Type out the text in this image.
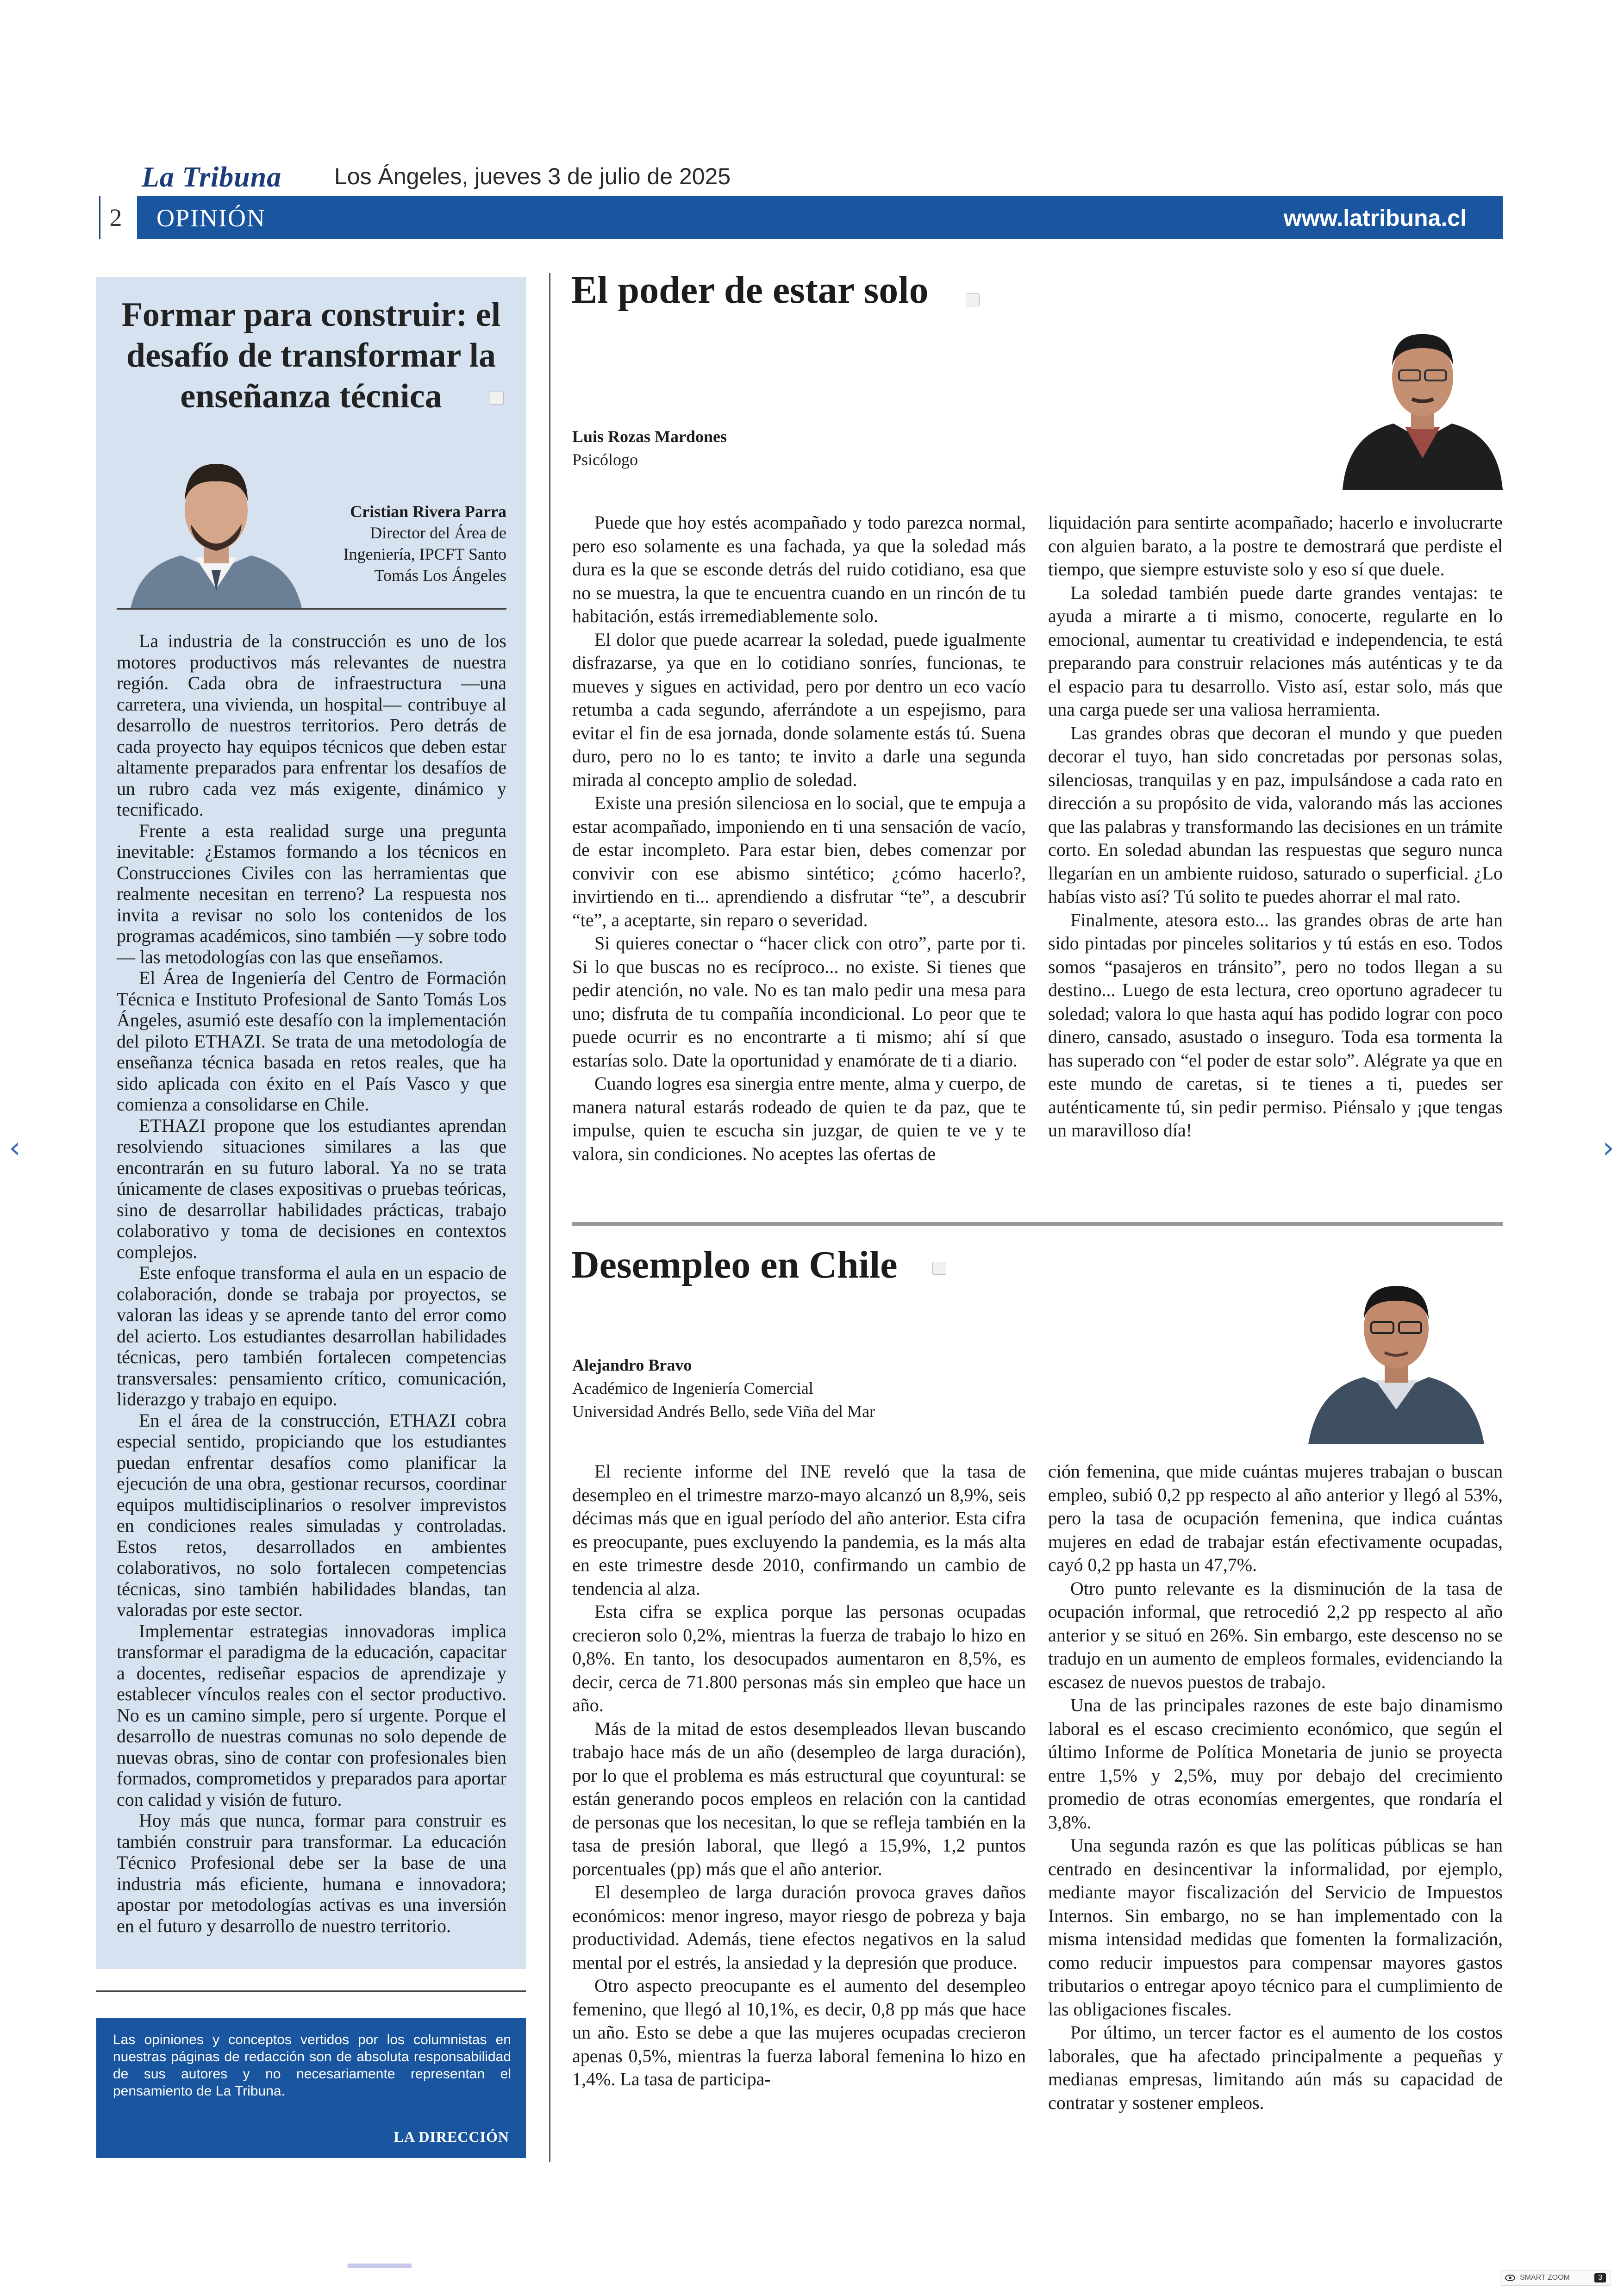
La Tribuna Los Ángeles, jueves 3 de julio de 2025
2	OPINIÓN	www.latribuna.cl
Formar para construir: el desafío de transformar la enseñanza técnica
Cristian Rivera Parra
Director del Área de Ingeniería, IPCFT Santo Tomás Los Ángeles

La industria de la construcción es uno de los motores productivos más relevantes de nuestra región. Cada obra de infraestructura —una carretera, una vivienda, un hospital— contribuye al desarrollo de nuestros territorios. Pero detrás de cada proyecto hay equipos técnicos que deben estar altamente preparados para enfrentar los desafíos de un rubro cada vez más exigente, dinámico y tecnificado.

Frente a esta realidad surge una pregunta inevitable: ¿Estamos formando a los técnicos en Construcciones Civiles con las herramientas que realmente necesitan en terreno? La respuesta nos invita a revisar no solo los contenidos de los programas académicos, sino también —y sobre todo— las metodologías con las que enseñamos.

El Área de Ingeniería del Centro de Formación Técnica e Instituto Profesional de Santo Tomás Los Ángeles, asumió este desafío con la implementación del piloto ETHAZI. Se trata de una metodología de enseñanza técnica basada en retos reales, que ha sido aplicada con éxito en el País Vasco y que comienza a consolidarse en Chile.

ETHAZI propone que los estudiantes aprendan resolviendo situaciones similares a las que encontrarán en su futuro laboral. Ya no se trata únicamente de clases expositivas o pruebas teóricas, sino de desarrollar habilidades prácticas, trabajo colaborativo y toma de decisiones en contextos complejos.

Este enfoque transforma el aula en un espacio de colaboración, donde se trabaja por proyectos, se valoran las ideas y se aprende tanto del error como del acierto. Los estudiantes desarrollan habilidades técnicas, pero también fortalecen competencias transversales: pensamiento crítico, comunicación, liderazgo y trabajo en equipo.

En el área de la construcción, ETHAZI cobra especial sentido, propiciando que los estudiantes puedan enfrentar desafíos como planificar la ejecución de una obra, gestionar recursos, coordinar equipos multidisciplinarios o resolver imprevistos en condiciones reales simuladas y controladas. Estos retos, desarrollados en ambientes colaborativos, no solo fortalecen competencias técnicas, sino también habilidades blandas, tan valoradas por este sector.

Implementar estrategias innovadoras implica transformar el paradigma de la educación, capacitar a docentes, rediseñar espacios de aprendizaje y establecer vínculos reales con el sector productivo. No es un camino simple, pero sí urgente. Porque el desarrollo de nuestras comunas no solo depende de nuevas obras, sino de contar con profesionales bien formados, comprometidos y preparados para aportar con calidad y visión de futuro.

Hoy más que nunca, formar para construir es también construir para transformar. La educación Técnico Profesional debe ser la base de una industria más eficiente, humana e innovadora; apostar por metodologías activas es una inversión en el futuro y desarrollo de nuestro territorio.

Las opiniones y conceptos vertidos por los columnistas en nuestras páginas de redacción son de absoluta responsabilidad de sus autores y no necesariamente representan el pensamiento de La Tribuna.
LA DIRECCIÓN
El poder de estar solo
Luis Rozas Mardones
Psicólogo

Puede que hoy estés acompañado y todo parezca normal, pero eso solamente es una fachada, ya que la soledad más dura es la que se esconde detrás del ruido cotidiano, esa que no se muestra, la que te encuentra cuando en un rincón de tu habitación, estás irremediablemente solo.

El dolor que puede acarrear la soledad, puede igualmente disfrazarse, ya que en lo cotidiano sonríes, funcionas, te mueves y sigues en actividad, pero por dentro un eco vacío retumba a cada segundo, aferrándote a un espejismo, para evitar el fin de esa jornada, donde solamente estás tú. Suena duro, pero no lo es tanto; te invito a darle una segunda mirada al concepto amplio de soledad.

Existe una presión silenciosa en lo social, que te empuja a estar acompañado, imponiendo en ti una sensación de vacío, de estar incompleto. Para estar bien, debes comenzar por convivir con ese abismo sintético; ¿cómo hacerlo?, invirtiendo en ti... aprendiendo a disfrutar “te”, a descubrir “te”, a aceptarte, sin reparo o severidad.

Si quieres conectar o “hacer click con otro”, parte por ti. Si lo que buscas no es recíproco... no existe. Si tienes que pedir atención, no vale. No es tan malo pedir una mesa para uno; disfruta de tu compañía incondicional. Lo peor que te puede ocurrir es no encontrarte a ti mismo; ahí sí que estarías solo. Date la oportunidad y enamórate de ti a diario.

Cuando logres esa sinergia entre mente, alma y cuerpo, de manera natural estarás rodeado de quien te da paz, que te impulse, quien te escucha sin juzgar, de quien te ve y te valora, sin condiciones. No aceptes las ofertas de

liquidación para sentirte acompañado; hacerlo e involucrarte con alguien barato, a la postre te demostrará que perdiste el tiempo, que siempre estuviste solo y eso sí que duele.

La soledad también puede darte grandes ventajas: te ayuda a mirarte a ti mismo, conocerte, regularte en lo emocional, aumentar tu creatividad e independencia, te está preparando para construir relaciones más auténticas y te da el espacio para tu desarrollo. Visto así, estar solo, más que una carga puede ser una valiosa herramienta.

Las grandes obras que decoran el mundo y que pueden decorar el tuyo, han sido concretadas por personas solas, silenciosas, tranquilas y en paz, impulsándose a cada rato en dirección a su propósito de vida, valorando más las acciones que las palabras y transformando las decisiones en un trámite corto. En soledad abundan las respuestas que seguro nunca llegarían en un ambiente ruidoso, saturado o superficial. ¿Lo habías visto así? Tú solito te puedes ahorrar el mal rato.

Finalmente, atesora esto... las grandes obras de arte han sido pintadas por pinceles solitarios y tú estás en eso. Todos somos “pasajeros en tránsito”, pero no todos llegan a su destino... Luego de esta lectura, creo oportuno agradecer tu soledad; valora lo que hasta aquí has podido lograr con poco dinero, cansado, asustado o inseguro. Toda esa tormenta la has superado con “el poder de estar solo”. Alégrate ya que en este mundo de caretas, si te tienes a ti, puedes ser auténticamente tú, sin pedir permiso. Piénsalo y ¡que tengas un maravilloso día!

Desempleo en Chile
Alejandro Bravo
Académico de Ingeniería Comercial
Universidad Andrés Bello, sede Viña del Mar

El reciente informe del INE reveló que la tasa de desempleo en el trimestre marzo-mayo alcanzó un 8,9%, seis décimas más que en igual período del año anterior. Esta cifra es preocupante, pues excluyendo la pandemia, es la más alta en este trimestre desde 2010, confirmando un cambio de tendencia al alza.

Esta cifra se explica porque las personas ocupadas crecieron solo 0,2%, mientras la fuerza de trabajo lo hizo en 0,8%. En tanto, los desocupados aumentaron en 8,5%, es decir, cerca de 71.800 personas más sin empleo que hace un año.

Más de la mitad de estos desempleados llevan buscando trabajo hace más de un año (desempleo de larga duración), por lo que el problema es más estructural que coyuntural: se están generando pocos empleos en relación con la cantidad de personas que los necesitan, lo que se refleja también en la tasa de presión laboral, que llegó a 15,9%, 1,2 puntos porcentuales (pp) más que el año anterior.

El desempleo de larga duración provoca graves daños económicos: menor ingreso, mayor riesgo de pobreza y baja productividad. Además, tiene efectos negativos en la salud mental por el estrés, la ansiedad y la depresión que produce.

Otro aspecto preocupante es el aumento del desempleo femenino, que llegó al 10,1%, es decir, 0,8 pp más que hace un año. Esto se debe a que las mujeres ocupadas crecieron apenas 0,5%, mientras la fuerza laboral femenina lo hizo en 1,4%. La tasa de participa-

ción femenina, que mide cuántas mujeres trabajan o buscan empleo, subió 0,2 pp respecto al año anterior y llegó al 53%, pero la tasa de ocupación femenina, que indica cuántas mujeres en edad de trabajar están efectivamente ocupadas, cayó 0,2 pp hasta un 47,7%.

Otro punto relevante es la disminución de la tasa de ocupación informal, que retrocedió 2,2 pp respecto al año anterior y se situó en 26%. Sin embargo, este descenso no se tradujo en un aumento de empleos formales, evidenciando la escasez de nuevos puestos de trabajo.

Una de las principales razones de este bajo dinamismo laboral es el escaso crecimiento económico, que según el último Informe de Política Monetaria de junio se proyecta entre 1,5% y 2,5%, muy por debajo del crecimiento promedio de otras economías emergentes, que rondaría el 3,8%.

Una segunda razón es que las políticas públicas se han centrado en desincentivar la informalidad, por ejemplo, mediante mayor fiscalización del Servicio de Impuestos Internos. Sin embargo, no se han implementado con la misma intensidad medidas que fomenten la formalización, como reducir impuestos para compensar mayores gastos tributarios o entregar apoyo técnico para el cumplimiento de las obligaciones fiscales.

Por último, un tercer factor es el aumento de los costos laborales, que ha afectado principalmente a pequeñas y medianas empresas, limitando aún más su capacidad de contratar y sostener empleos.

‹	›
SMART ZOOM	3
